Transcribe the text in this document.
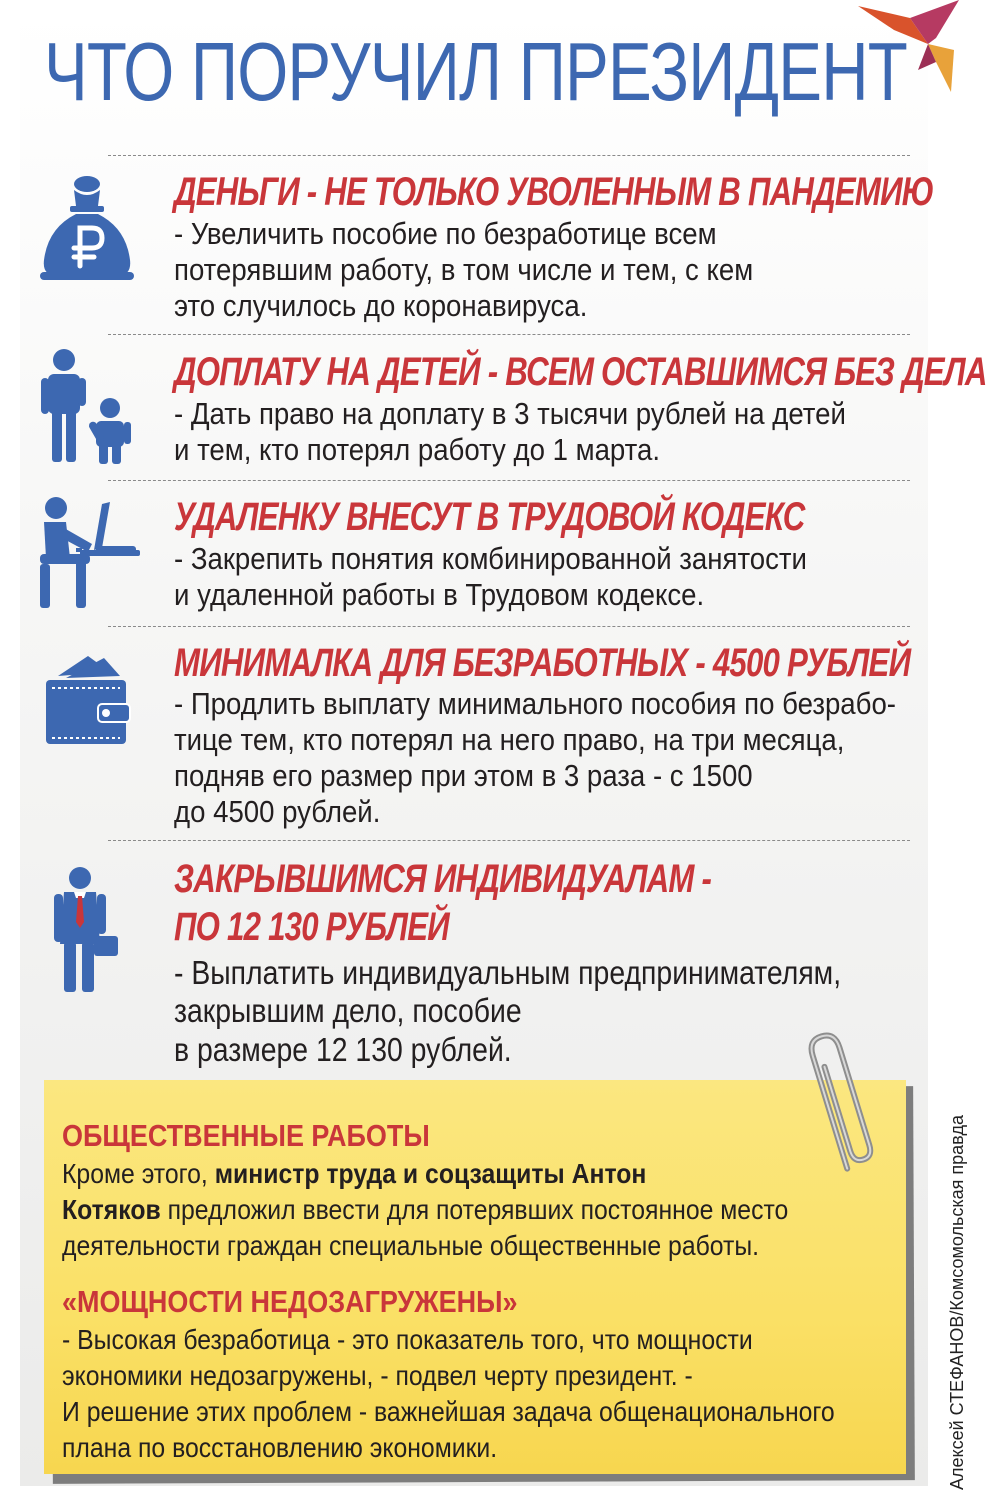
ЧТО ПОРУЧИЛ ПРЕЗИДЕНТ
ДЕНЬГИ - НЕ ТОЛЬКО УВОЛЕННЫМ В ПАНДЕМИЮ

- Увеличить пособие по безработице всем

потерявшим работу, в том числе и тем, с кем

это случилось до коронавируса.

ДОПЛАТУ НА ДЕТЕЙ - ВСЕМ ОСТАВШИМСЯ БЕЗ ДЕЛА

- Дать право на доплату в 3 тысячи рублей на детей

и тем, кто потерял работу до 1 марта.

УДАЛЕНКУ ВНЕСУТ В ТРУДОВОЙ КОДЕКС

- Закрепить понятия комбинированной занятости

и удаленной работы в Трудовом кодексе.

МИНИМАЛКА ДЛЯ БЕЗРАБОТНЫХ - 4500 РУБЛЕЙ

- Продлить выплату минимального пособия по безрабо-

тице тем, кто потерял на него право, на три месяца,

подняв его размер при этом в 3 раза - с 1500

до 4500 рублей.

ЗАКРЫВШИМСЯ ИНДИВИДУАЛАМ -
ПО 12 130 РУБЛЕЙ

- Выплатить индивидуальным предпринимателям,

закрывшим дело, пособие

в размере 12 130 рублей.

ОБЩЕСТВЕННЫЕ РАБОТЫ

Кроме этого, министр труда и соцзащиты Антон

Котяков предложил ввести для потерявших постоянное место

деятельности граждан специальные общественные работы.

«МОЩНОСТИ НЕДОЗАГРУЖЕНЫ»

- Высокая безработица - это показатель того, что мощности

экономики недозагружены, - подвел черту президент. -

И решение этих проблем - важнейшая задача общенационального

плана по восстановлению экономики.	Алексей СТЕФАНОВ/Комсомольская правда
